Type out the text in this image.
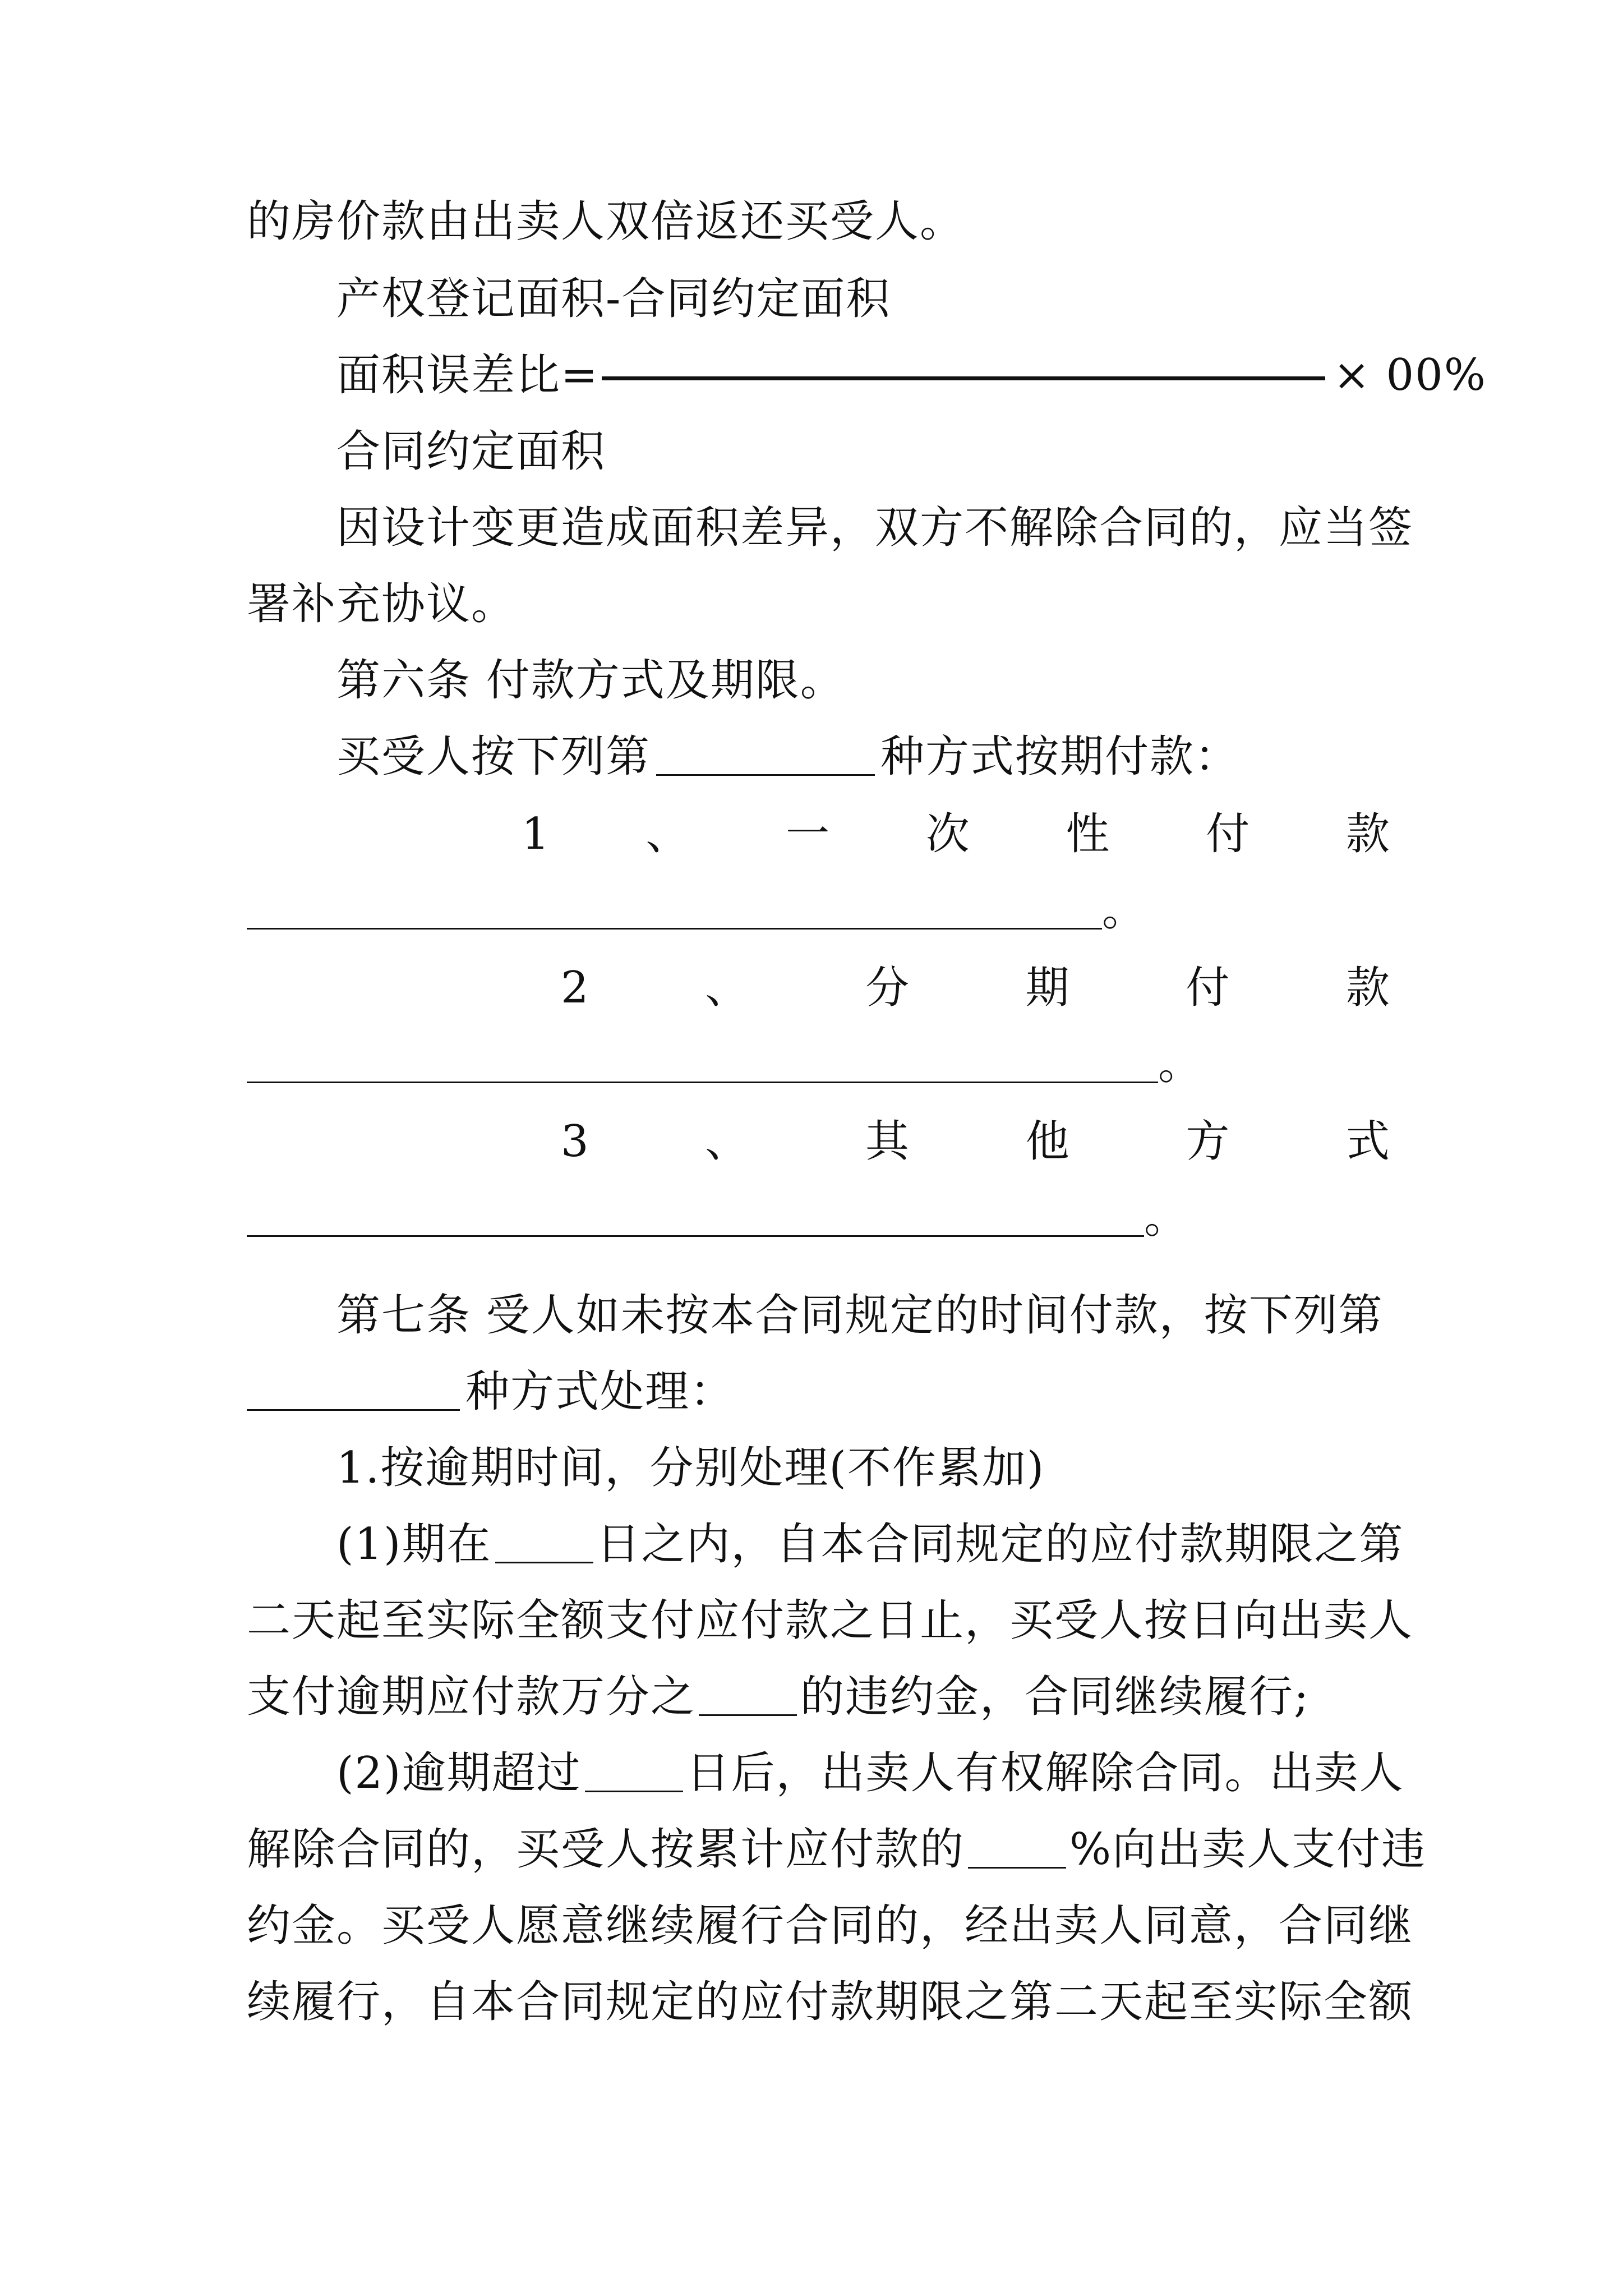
的房价款由出卖人双倍返还买受人。
产权登记面积-合同约定面积
面积误差比=	× 00%
合同约定面积
因设计变更造成面积差异，双方不解除合同的，应当签
署补充协议。
第六条 付款方式及期限。
买受人按下列第	种方式按期付款：
1 、 一 次 性 付 款
。
2	、	分	期	付	款
。
3	、	其	他	方	式
。
第七条 受人如未按本合同规定的时间付款，按下列第
种方式处理：
1.按逾期时间，分别处理(不作累加)
(1)期在 日之内，自本合同规定的应付款期限之第
二天起至实际全额支付应付款之日止，买受人按日向出卖人
支付逾期应付款万分之 的违约金，合同继续履行;
(2)逾期超过 日后，出卖人有权解除合同。出卖人
解除合同的，买受人按累计应付款的 %向出卖人支付违
约金。买受人愿意继续履行合同的，经出卖人同意，合同继
续履行，自本合同规定的应付款期限之第二天起至实际全额
